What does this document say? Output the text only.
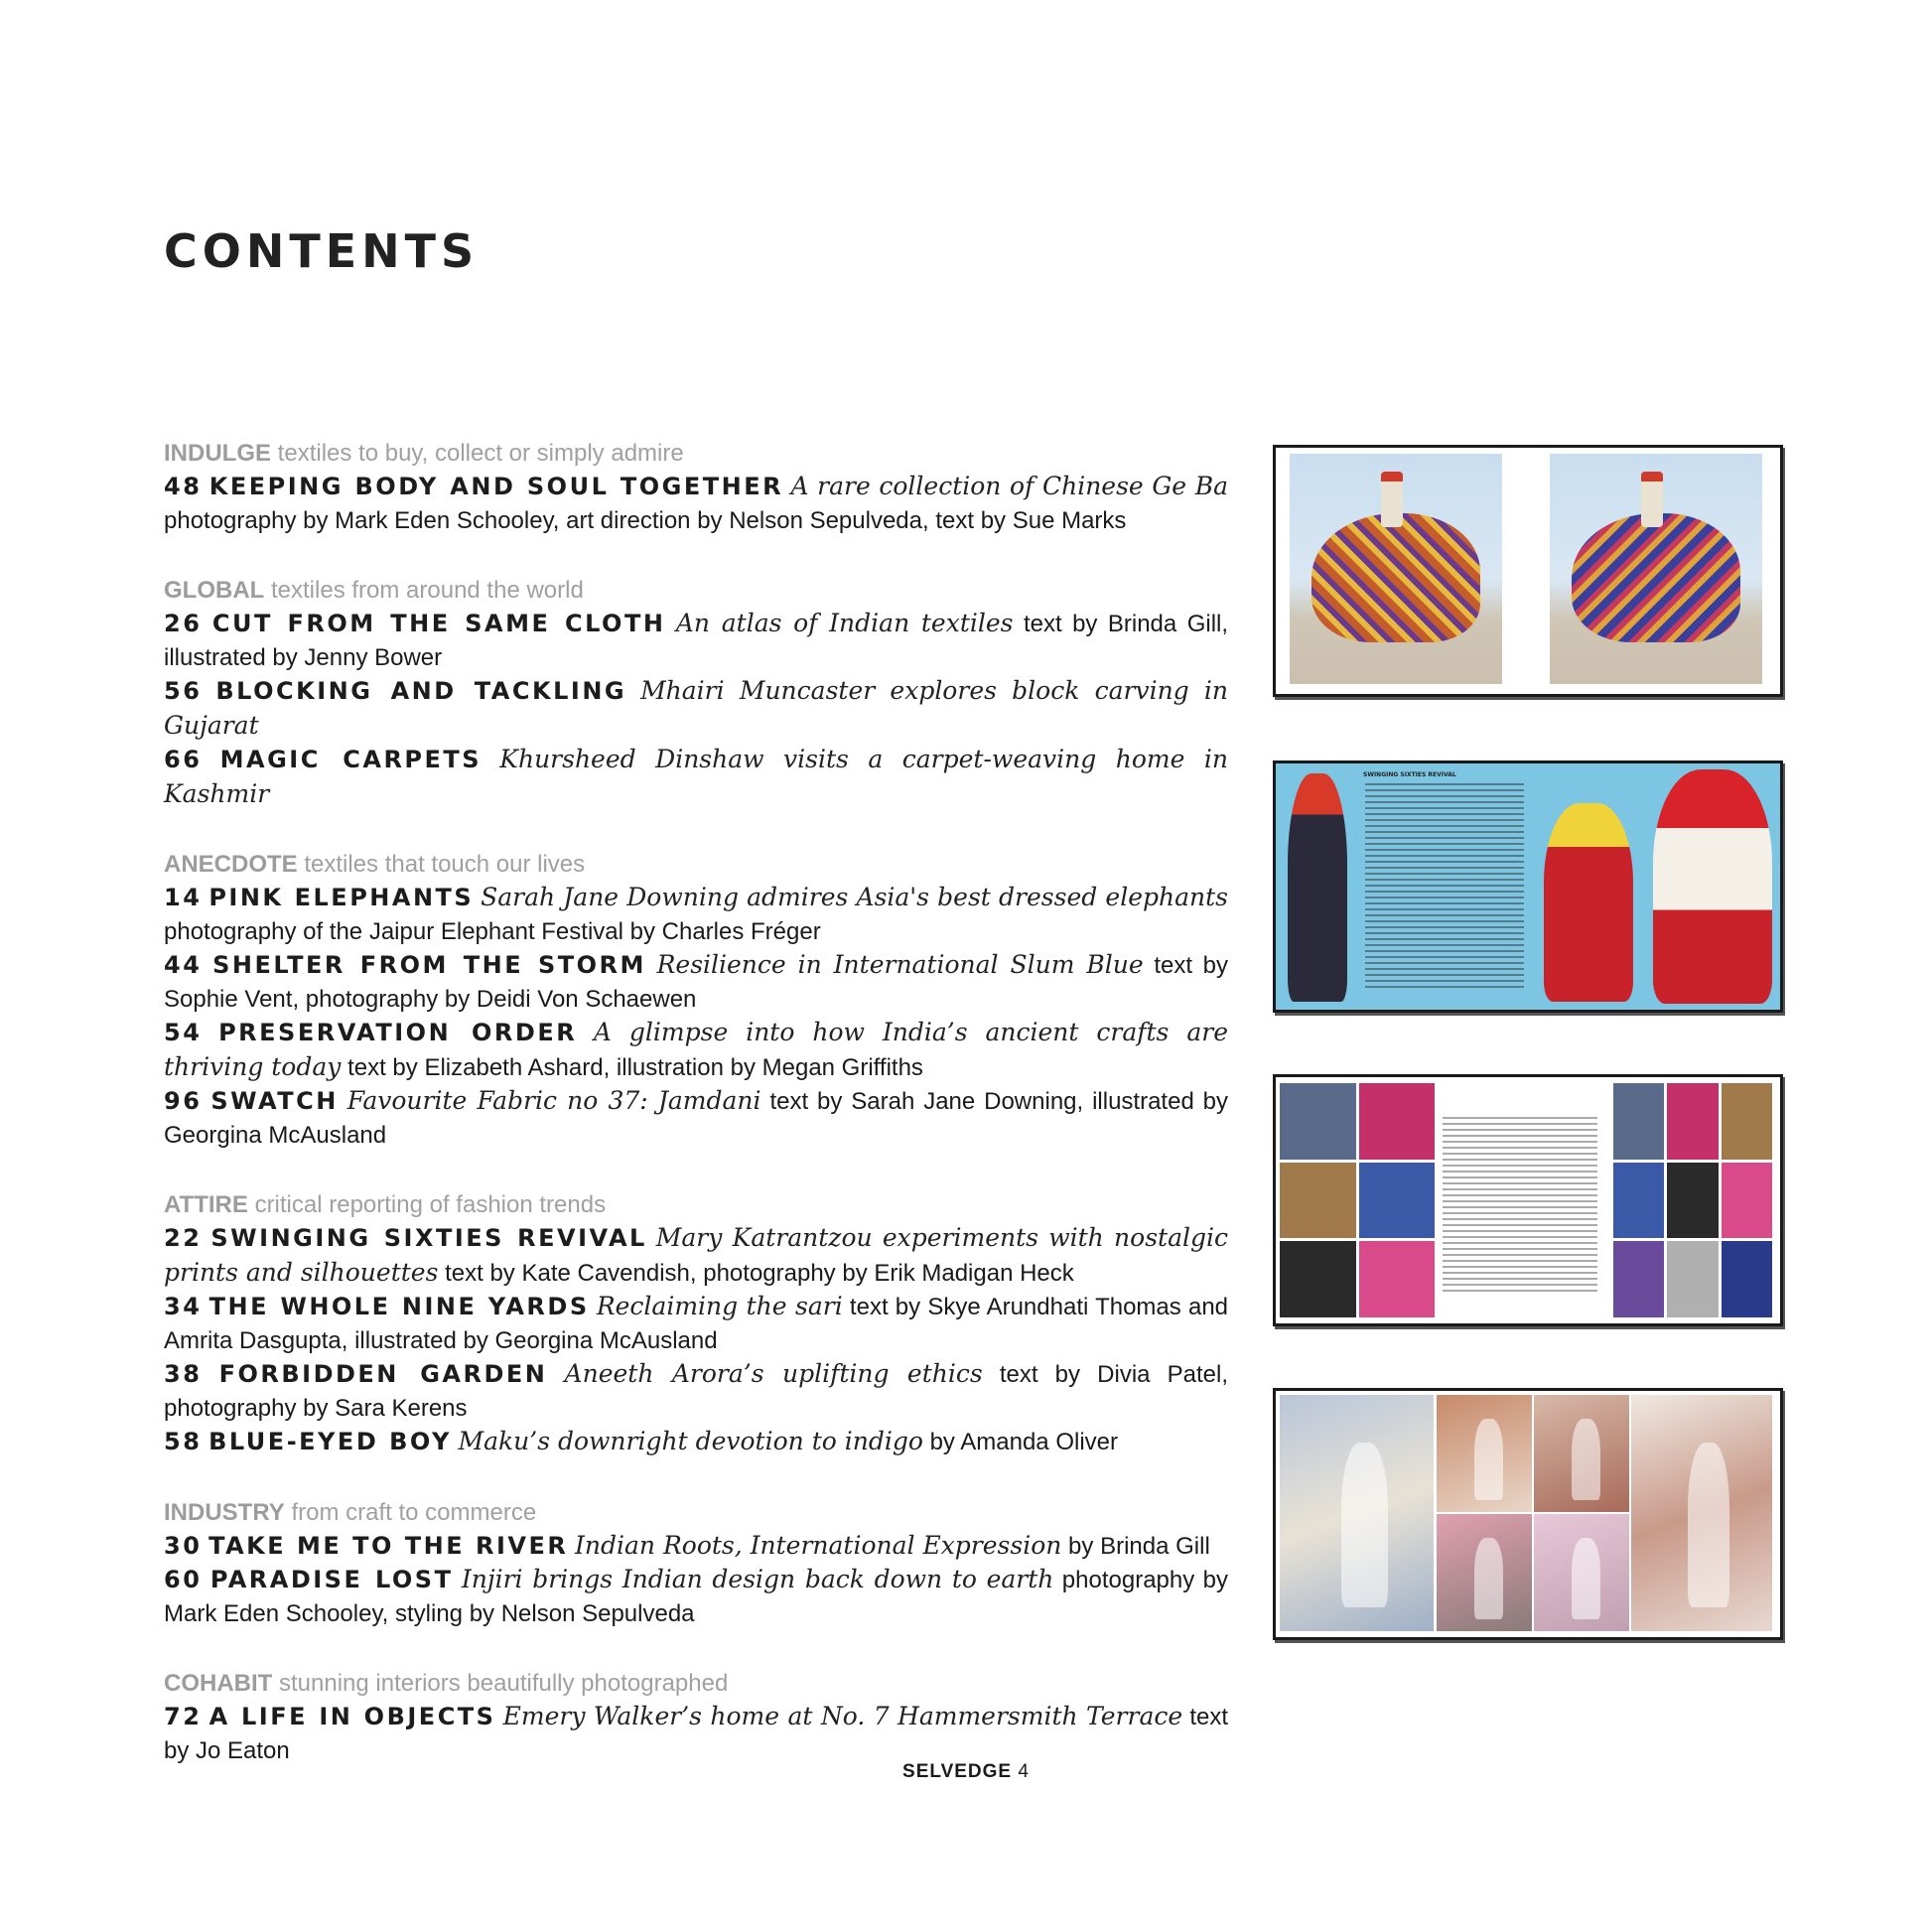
CONTENTS
INDULGE textiles to buy, collect or simply admire
48 KEEPING BODY AND SOUL TOGETHER A rare collection of Chinese Ge Ba photography by Mark Eden Schooley, art direction by Nelson Sepulveda, text by Sue Marks
GLOBAL textiles from around the world
26 CUT FROM THE SAME CLOTH An atlas of Indian textiles text by Brinda Gill, illustrated by Jenny Bower
56 BLOCKING AND TACKLING Mhairi Muncaster explores block carving in Gujarat
66 MAGIC CARPETS Khursheed Dinshaw visits a carpet-weaving home in Kashmir
ANECDOTE textiles that touch our lives
14 PINK ELEPHANTS Sarah Jane Downing admires Asia's best dressed elephants photography of the Jaipur Elephant Festival by Charles Fréger
44 SHELTER FROM THE STORM Resilience in International Slum Blue text by Sophie Vent, photography by Deidi Von Schaewen
54 PRESERVATION ORDER A glimpse into how India’s ancient crafts are thriving today text by Elizabeth Ashard, illustration by Megan Griffiths
96 SWATCH Favourite Fabric no 37: Jamdani text by Sarah Jane Downing, illustrated by Georgina McAusland
ATTIRE critical reporting of fashion trends
22 SWINGING SIXTIES REVIVAL Mary Katrantzou experiments with nostalgic prints and silhouettes text by Kate Cavendish, photography by Erik Madigan Heck
34 THE WHOLE NINE YARDS Reclaiming the sari text by Skye Arundhati Thomas and Amrita Dasgupta, illustrated by Georgina McAusland
38 FORBIDDEN GARDEN Aneeth Arora’s uplifting ethics text by Divia Patel, photography by Sara Kerens
58 BLUE-EYED BOY Maku’s downright devotion to indigo by Amanda Oliver
INDUSTRY from craft to commerce
30 TAKE ME TO THE RIVER Indian Roots, International Expression by Brinda Gill
60 PARADISE LOST Injiri brings Indian design back down to earth photography by Mark Eden Schooley, styling by Nelson Sepulveda
COHABIT stunning interiors beautifully photographed
72 A LIFE IN OBJECTS Emery Walker’s home at No. 7 Hammersmith Terrace text by Jo Eaton
SWINGING SIXTIES REVIVAL
SELVEDGE 4
